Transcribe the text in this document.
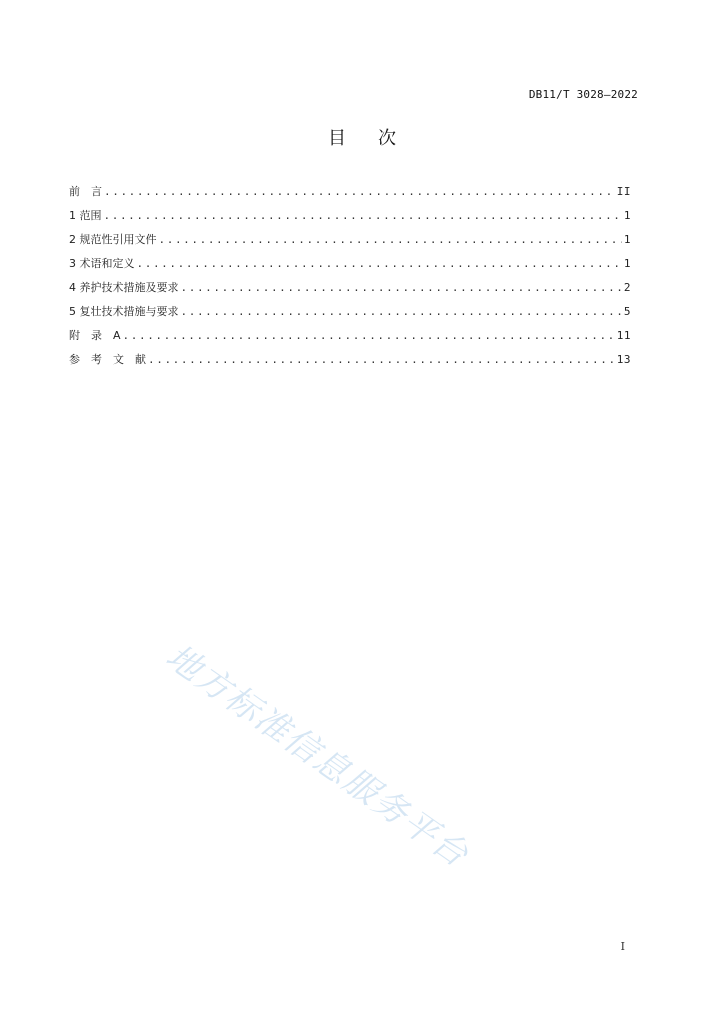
DB11/T 3028—2022
目 次
前　言 .....	II
1 范围 .....	1
2 规范性引用文件 .....	1
3 术语和定义 .....	1
4 养护技术措施及要求 .....	2
5 复壮技术措施与要求 .....	5
附　录　A .....	11
参　考　文　献 .....	13
地方标准信息服务平台
I
